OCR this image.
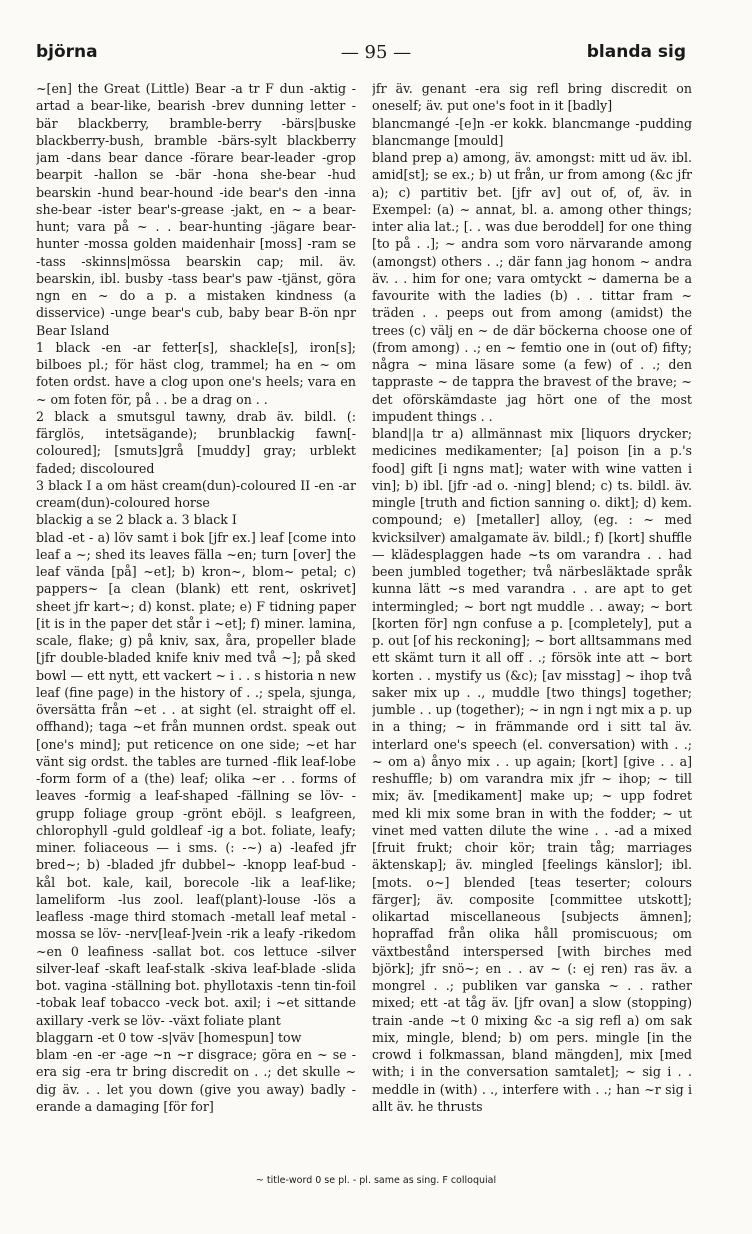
björna	— 95 —	blanda sig

~[en] the Great (Little) Bear -a tr F dun -aktig -artad a bear-like, bearish -brev dunning letter -bär blackberry, bramble-berry -bärs|buske blackberry-bush, bramble -bärs-sylt blackberry jam -dans bear dance -förare bear-leader -grop bearpit -hallon se -bär -hona she-bear -hud bearskin -hund bear-hound -ide bear's den -inna she-bear -ister bear's-grease -jakt, en ~ a bear-hunt; vara på ~ . . bear-hunting -jägare bear-hunter -mossa golden maidenhair [moss] -ram se -tass -skinns|mössa bearskin cap; mil. äv. bearskin, ibl. busby -tass bear's paw -tjänst, göra ngn en ~ do a p. a mistaken kindness (a disservice) -unge bear's cub, baby bear B-ön npr Bear Island

1 black -en -ar fetter[s], shackle[s], iron[s]; bilboes pl.; för häst clog, trammel; ha en ~ om foten ordst. have a clog upon one's heels; vara en ~ om foten för, på . . be a drag on . .

2 black a smutsgul tawny, drab äv. bildl. (: färglös, intetsägande); brunblackig fawn[-coloured]; [smuts]grå [muddy] gray; urblekt faded; discoloured

3 black I a om häst cream(dun)-coloured II -en -ar cream(dun)-coloured horse

blackig a se 2 black a. 3 black I

blad -et - a) löv samt i bok [jfr ex.] leaf [come into leaf a ~; shed its leaves fälla ~en; turn [over] the leaf vända [på] ~et]; b) kron~, blom~ petal; c) pappers~ [a clean (blank) ett rent, oskrivet] sheet jfr kart~; d) konst. plate; e) F tidning paper [it is in the paper det står i ~et]; f) miner. lamina, scale, flake; g) på kniv, sax, åra, propeller blade [jfr double-bladed knife kniv med två ~]; på sked bowl — ett nytt, ett vackert ~ i . . s historia n new leaf (fine page) in the history of . .; spela, sjunga, översätta från ~et . . at sight (el. straight off el. offhand); taga ~et från munnen ordst. speak out [one's mind]; put reticence on one side; ~et har vänt sig ordst. the tables are turned -flik leaf-lobe -form form of a (the) leaf; olika ~er . . forms of leaves -formig a leaf-shaped -fällning se löv- -grupp foliage group -grönt eböjl. s leafgreen, chlorophyll -guld goldleaf -ig a bot. foliate, leafy; miner. foliaceous — i sms. (: -~) a) -leafed jfr bred~; b) -bladed jfr dubbel~ -knopp leaf-bud -kål bot. kale, kail, borecole -lik a leaf-like; lameliform -lus zool. leaf(plant)-louse -lös a leafless -mage third stomach -metall leaf metal -mossa se löv- -nerv[leaf-]vein -rik a leafy -rikedom ~en 0 leafiness -sallat bot. cos lettuce -silver silver-leaf -skaft leaf-stalk -skiva leaf-blade -slida bot. vagina -ställning bot. phyllotaxis -tenn tin-foil -tobak leaf tobacco -veck bot. axil; i ~et sittande axillary -verk se löv- -växt foliate plant

blaggarn -et 0 tow -s|väv [homespun] tow

blam -en -er -age ~n ~r disgrace; göra en ~ se -era sig -era tr bring discredit on . .; det skulle ~ dig äv. . . let you down (give you away) badly -erande a damaging [för for]

jfr äv. genant -era sig refl bring discredit on oneself; äv. put one's foot in it [badly]

blancmangé -[e]n -er kokk. blancmange -pudding blancmange [mould]

bland prep a) among, äv. amongst: mitt ud äv. ibl. amid[st]; se ex.; b) ut från, ur from among (&c jfr a); c) partitiv bet. [jfr av] out of, of, äv. in Exempel: (a) ~ annat, bl. a. among other things; inter alia lat.; [. . was due beroddel] for one thing [to på . .]; ~ andra som voro närvarande among (amongst) others . .; där fann jag honom ~ andra äv. . . him for one; vara omtyckt ~ damerna be a favourite with the ladies (b) . . tittar fram ~ träden . . peeps out from among (amidst) the trees (c) välj en ~ de där böckerna choose one of (from among) . .; en ~ femtio one in (out of) fifty; några ~ mina läsare some (a few) of . .; den tappraste ~ de tappra the bravest of the brave; ~ det oförskämdaste jag hört one of the most impudent things . .

bland||a tr a) allmännast mix [liquors drycker; medicines medikamenter; [a] poison [in a p.'s food] gift [i ngns mat]; water with wine vatten i vin]; b) ibl. [jfr -ad o. -ning] blend; c) ts. bildl. äv. mingle [truth and fiction sanning o. dikt]; d) kem. compound; e) [metaller] alloy, (eg. : ~ med kvicksilver) amalgamate äv. bildl.; f) [kort] shuffle — klädesplaggen hade ~ts om varandra . . had been jumbled together; två närbesläktade språk kunna lätt ~s med varandra . . are apt to get intermingled; ~ bort ngt muddle . . away; ~ bort [korten för] ngn confuse a p. [completely], put a p. out [of his reckoning]; ~ bort alltsammans med ett skämt turn it all off . .; försök inte att ~ bort korten . . mystify us (&c); [av misstag] ~ ihop två saker mix up . ., muddle [two things] together; jumble . . up (together); ~ in ngn i ngt mix a p. up in a thing; ~ in främmande ord i sitt tal äv. interlard one's speech (el. conversation) with . .; ~ om a) ånyo mix . . up again; [kort] [give . . a] reshuffle; b) om varandra mix jfr ~ ihop; ~ till mix; äv. [medikament] make up; ~ upp fodret med kli mix some bran in with the fodder; ~ ut vinet med vatten dilute the wine . . -ad a mixed [fruit frukt; choir kör; train tåg; marriages äktenskap]; äv. mingled [feelings känslor]; ibl. [mots. o~] blended [teas teserter; colours färger]; äv. composite [committee utskott]; olikartad miscellaneous [subjects ämnen]; hopraffad från olika håll promiscuous; om växtbestånd interspersed [with birches med björk]; jfr snö~; en . . av ~ (: ej ren) ras äv. a mongrel . .; publiken var ganska ~ . . rather mixed; ett -at tåg äv. [jfr ovan] a slow (stopping) train -ande ~t 0 mixing &c -a sig refl a) om sak mix, mingle, blend; b) om pers. mingle [in the crowd i folkmassan, bland mängden], mix [med with; i in the conversation samtalet]; ~ sig i . . meddle in (with) . ., interfere with . .; han ~r sig i allt äv. he thrusts

~ title-word 0 se pl. - pl. same as sing. F colloquial
